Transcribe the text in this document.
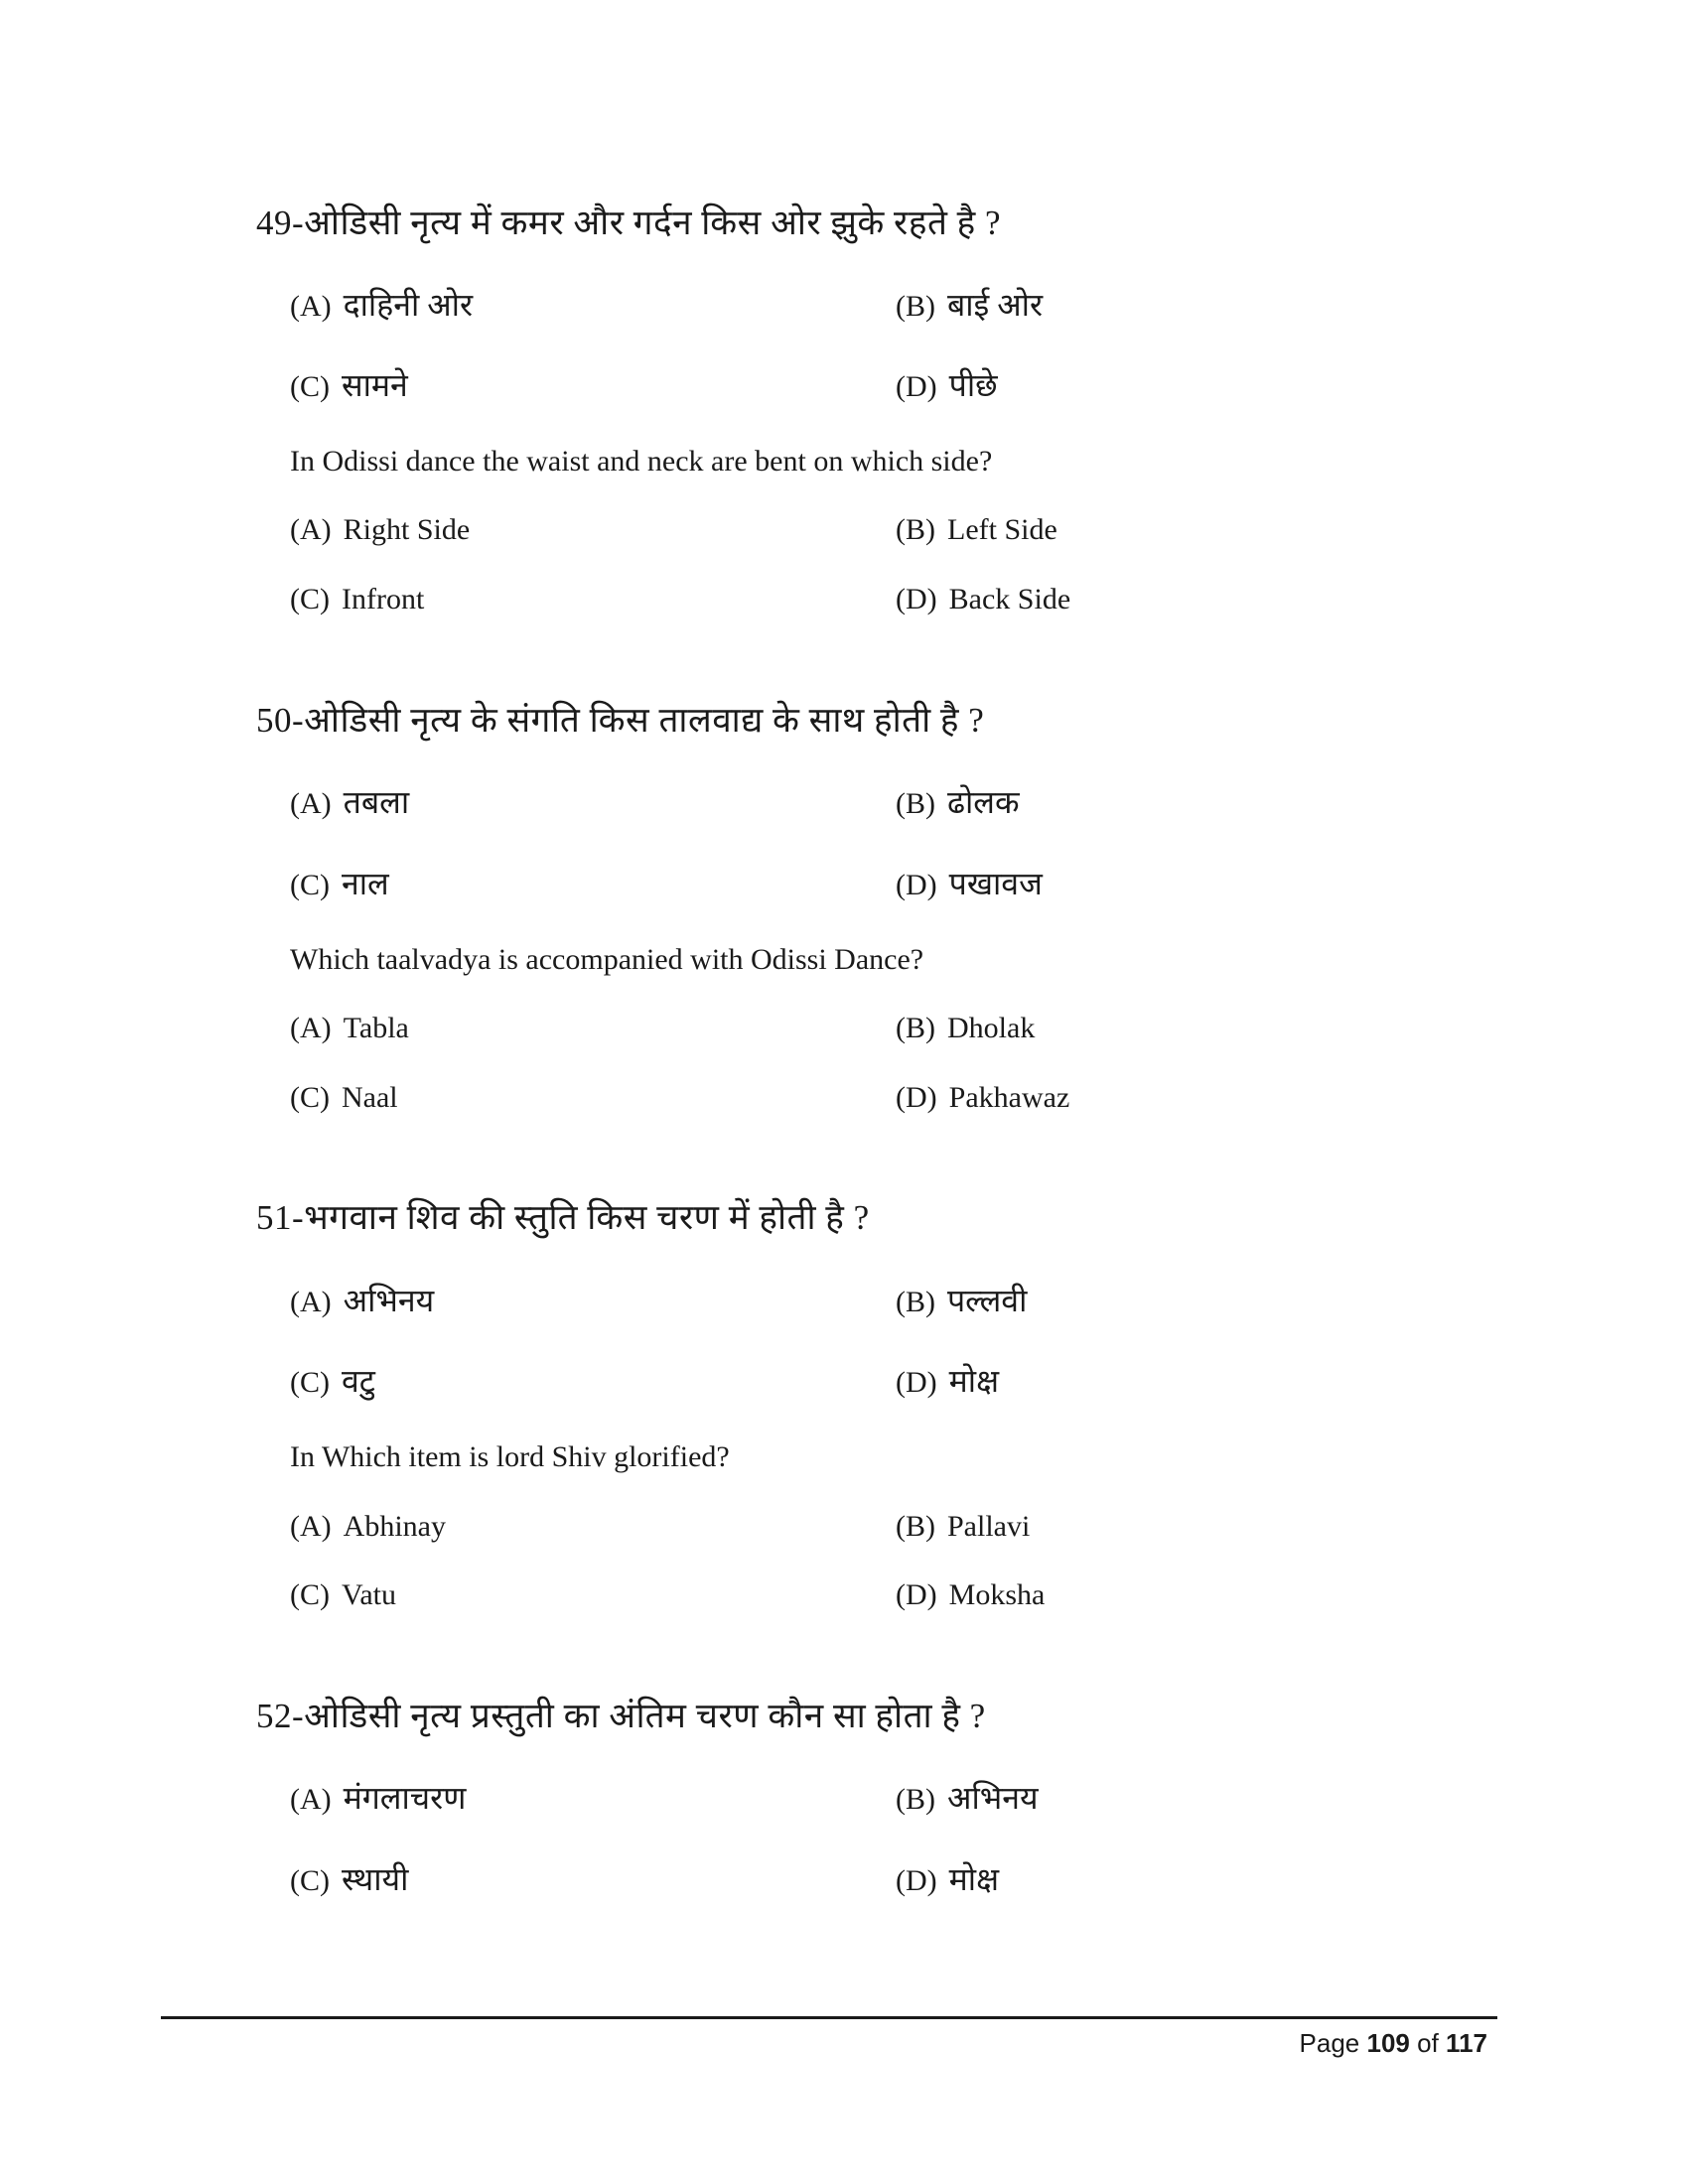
49-ओडिसी नृत्य में कमर और गर्दन किस ओर झुके रहते है ?
(A) दाहिनी ओर	(B) बाई ओर
(C) सामने	(D) पीछे
In Odissi dance the waist and neck are bent on which side?
(A) Right Side	(B) Left Side
(C) Infront	(D) Back Side
50-ओडिसी नृत्य के संगति किस तालवाद्य के साथ होती है ?
(A) तबला	(B) ढोलक
(C) नाल	(D) पखावज
Which taalvadya is accompanied with Odissi Dance?
(A) Tabla	(B) Dholak
(C) Naal	(D) Pakhawaz
51-भगवान शिव की स्तुति किस चरण में होती है ?
(A) अभिनय	(B) पल्लवी
(C) वटु	(D) मोक्ष
In Which item is lord Shiv glorified?
(A) Abhinay	(B) Pallavi
(C) Vatu	(D) Moksha
52-ओडिसी नृत्य प्रस्तुती का अंतिम चरण कौन सा होता है ?
(A) मंगलाचरण	(B) अभिनय
(C) स्थायी	(D) मोक्ष
Page 109 of 117
